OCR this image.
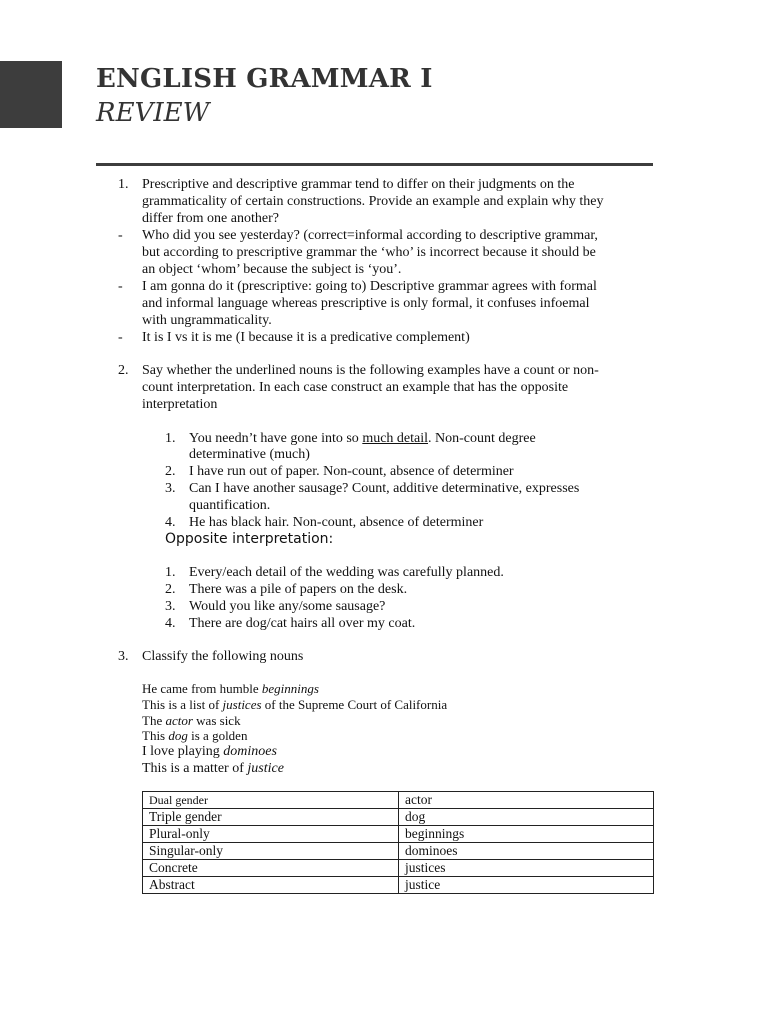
ENGLISH GRAMMAR I
REVIEW
1. Prescriptive and descriptive grammar tend to differ on their judgments on the
grammaticality of certain constructions. Provide an example and explain why they
differ from one another?
- Who did you see yesterday? (correct=informal according to descriptive grammar,
but according to prescriptive grammar the ‘who’ is incorrect because it should be
an object ‘whom’ because the subject is ‘you’.
- I am gonna do it (prescriptive: going to) Descriptive grammar agrees with formal
and informal language whereas prescriptive is only formal, it confuses infoemal
with ungrammaticality.
- It is I vs it is me (I because it is a predicative complement)
2. Say whether the underlined nouns is the following examples have a count or non-
count interpretation. In each case construct an example that has the opposite
interpretation
1. You needn’t have gone into so much detail. Non-count degree
determinative (much)
2. I have run out of paper. Non-count, absence of determiner
3. Can I have another sausage? Count, additive determinative, expresses
quantification.
4. He has black hair. Non-count, absence of determiner
Opposite interpretation:
1. Every/each detail of the wedding was carefully planned.
2. There was a pile of papers on the desk.
3. Would you like any/some sausage?
4. There are dog/cat hairs all over my coat.
3. Classify the following nouns
He came from humble beginnings
This is a list of justices of the Supreme Court of California
The actor was sick
This dog is a golden
I love playing dominoes
This is a matter of justice
Dual gender	actor
Triple gender	dog
Plural-only	beginnings
Singular-only	dominoes
Concrete	justices
Abstract	justice
